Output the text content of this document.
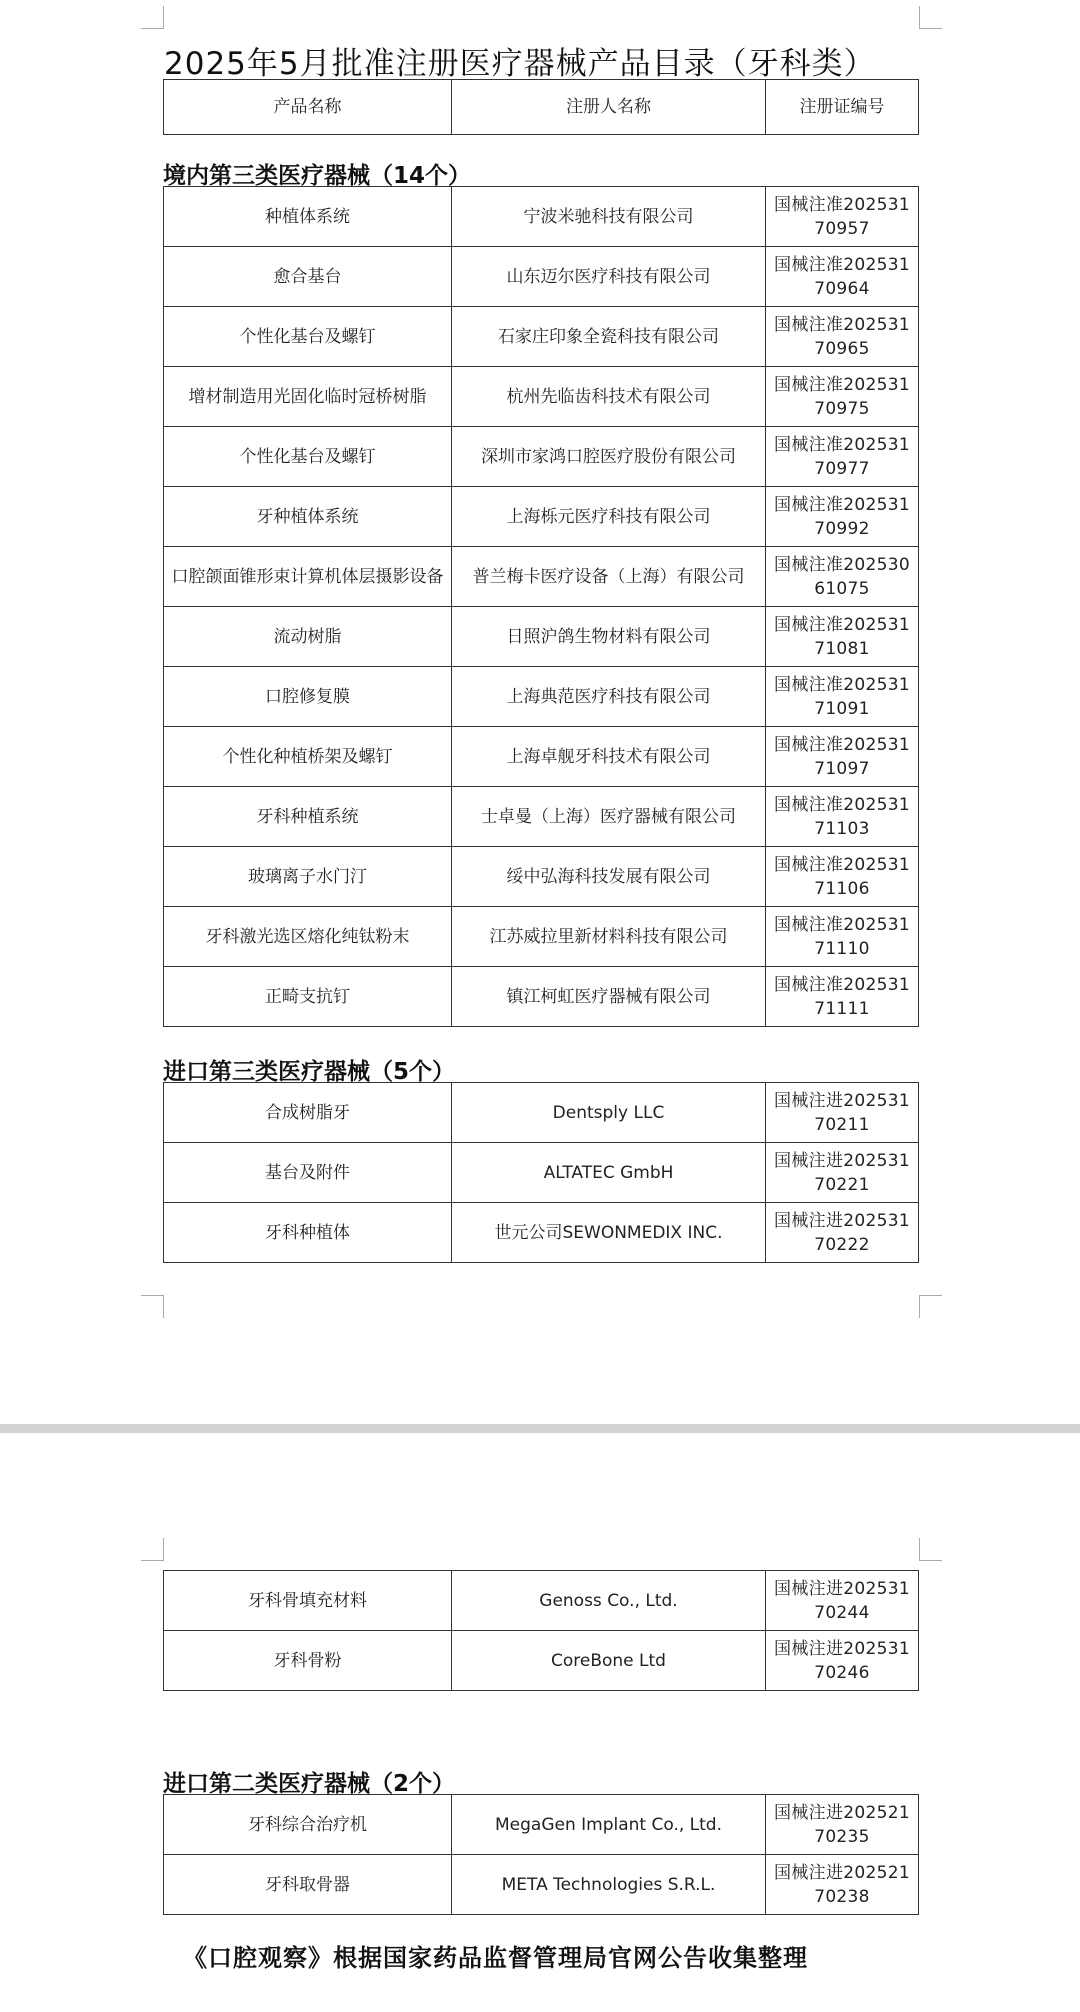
2025年5月批准注册医疗器械产品目录（牙科类）
产品名称	注册人名称	注册证编号
境内第三类医疗器械（14个）
种植体系统	宁波米驰科技有限公司	国械注准20253170957
愈合基台	山东迈尔医疗科技有限公司	国械注准20253170964
个性化基台及螺钉	石家庄印象全瓷科技有限公司	国械注准20253170965
增材制造用光固化临时冠桥树脂	杭州先临齿科技术有限公司	国械注准20253170975
个性化基台及螺钉	深圳市家鸿口腔医疗股份有限公司	国械注准20253170977
牙种植体系统	上海栎元医疗科技有限公司	国械注准20253170992
口腔颌面锥形束计算机体层摄影设备	普兰梅卡医疗设备（上海）有限公司	国械注准20253061075
流动树脂	日照沪鸽生物材料有限公司	国械注准20253171081
口腔修复膜	上海典范医疗科技有限公司	国械注准20253171091
个性化种植桥架及螺钉	上海卓舰牙科技术有限公司	国械注准20253171097
牙科种植系统	士卓曼（上海）医疗器械有限公司	国械注准20253171103
玻璃离子水门汀	绥中弘海科技发展有限公司	国械注准20253171106
牙科激光选区熔化纯钛粉末	江苏威拉里新材料科技有限公司	国械注准20253171110
正畸支抗钉	镇江柯虹医疗器械有限公司	国械注准20253171111
进口第三类医疗器械（5个）
合成树脂牙	Dentsply LLC	国械注进20253170211
基台及附件	ALTATEC GmbH	国械注进20253170221
牙科种植体	世元公司SEWONMEDIX INC.	国械注进20253170222
牙科骨填充材料	Genoss Co., Ltd.	国械注进20253170244
牙科骨粉	CoreBone Ltd	国械注进20253170246
进口第二类医疗器械（2个）
牙科综合治疗机	MegaGen Implant Co., Ltd.	国械注进20252170235
牙科取骨器	META Technologies S.R.L.	国械注进20252170238
《口腔观察》根据国家药品监督管理局官网公告收集整理
